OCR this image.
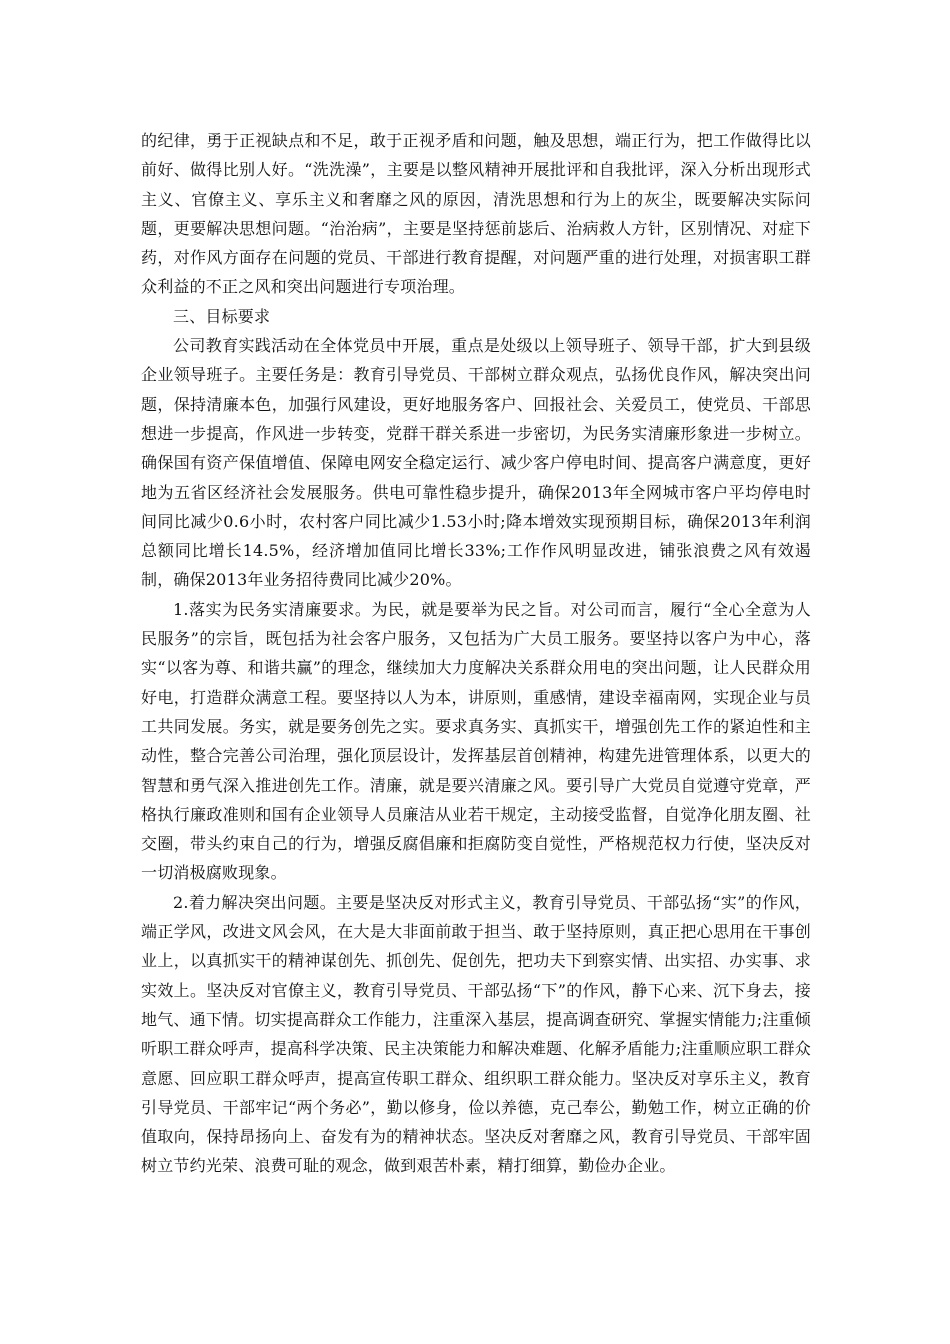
的纪律，勇于正视缺点和不足，敢于正视矛盾和问题，触及思想，端正行为，把工作做得比以前好、做得比别人好。“洗洗澡”，主要是以整风精神开展批评和自我批评，深入分析出现形式主义、官僚主义、享乐主义和奢靡之风的原因，清洗思想和行为上的灰尘，既要解决实际问题，更要解决思想问题。“治治病”，主要是坚持惩前毖后、治病救人方针，区别情况、对症下药，对作风方面存在问题的党员、干部进行教育提醒，对问题严重的进行处理，对损害职工群众利益的不正之风和突出问题进行专项治理。

三、目标要求

公司教育实践活动在全体党员中开展，重点是处级以上领导班子、领导干部，扩大到县级企业领导班子。主要任务是：教育引导党员、干部树立群众观点，弘扬优良作风，解决突出问题，保持清廉本色，加强行风建设，更好地服务客户、回报社会、关爱员工，使党员、干部思想进一步提高，作风进一步转变，党群干群关系进一步密切，为民务实清廉形象进一步树立。确保国有资产保值增值、保障电网安全稳定运行、减少客户停电时间、提高客户满意度，更好地为五省区经济社会发展服务。供电可靠性稳步提升，确保2013年全网城市客户平均停电时间同比减少0.6小时，农村客户同比减少1.53小时;降本增效实现预期目标，确保2013年利润总额同比增长14.5%，经济增加值同比增长33%;工作作风明显改进，铺张浪费之风有效遏制，确保2013年业务招待费同比减少20%。

1.落实为民务实清廉要求。为民，就是要举为民之旨。对公司而言，履行“全心全意为人民服务”的宗旨，既包括为社会客户服务，又包括为广大员工服务。要坚持以客户为中心，落实“以客为尊、和谐共赢”的理念，继续加大力度解决关系群众用电的突出问题，让人民群众用好电，打造群众满意工程。要坚持以人为本，讲原则，重感情，建设幸福南网，实现企业与员工共同发展。务实，就是要务创先之实。要求真务实、真抓实干，增强创先工作的紧迫性和主动性，整合完善公司治理，强化顶层设计，发挥基层首创精神，构建先进管理体系，以更大的智慧和勇气深入推进创先工作。清廉，就是要兴清廉之风。要引导广大党员自觉遵守党章，严格执行廉政准则和国有企业领导人员廉洁从业若干规定，主动接受监督，自觉净化朋友圈、社交圈，带头约束自己的行为，增强反腐倡廉和拒腐防变自觉性，严格规范权力行使，坚决反对一切消极腐败现象。

2.着力解决突出问题。主要是坚决反对形式主义，教育引导党员、干部弘扬“实”的作风，端正学风，改进文风会风，在大是大非面前敢于担当、敢于坚持原则，真正把心思用在干事创业上，以真抓实干的精神谋创先、抓创先、促创先，把功夫下到察实情、出实招、办实事、求实效上。坚决反对官僚主义，教育引导党员、干部弘扬“下”的作风，静下心来、沉下身去，接地气、通下情。切实提高群众工作能力，注重深入基层，提高调查研究、掌握实情能力;注重倾听职工群众呼声，提高科学决策、民主决策能力和解决难题、化解矛盾能力;注重顺应职工群众意愿、回应职工群众呼声，提高宣传职工群众、组织职工群众能力。坚决反对享乐主义，教育引导党员、干部牢记“两个务必”，勤以修身，俭以养德，克己奉公，勤勉工作，树立正确的价值取向，保持昂扬向上、奋发有为的精神状态。坚决反对奢靡之风，教育引导党员、干部牢固树立节约光荣、浪费可耻的观念，做到艰苦朴素，精打细算，勤俭办企业。
